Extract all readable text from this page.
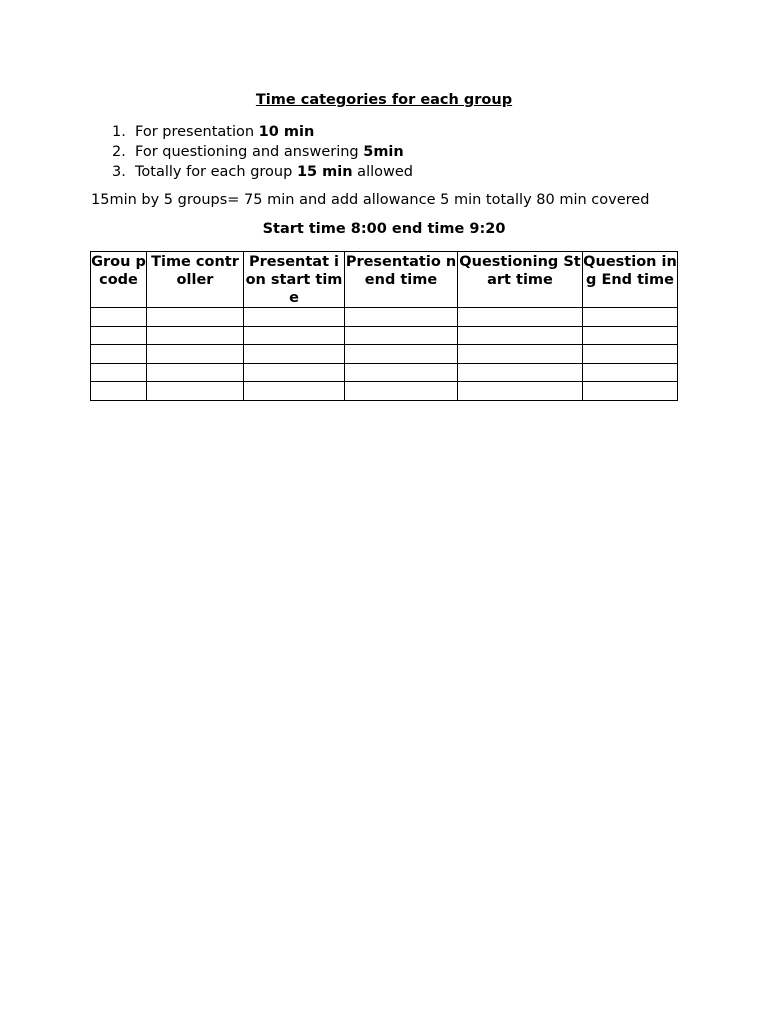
Time categories for each group
1. For presentation 10 min
2. For questioning and answering 5min
3. Totally for each group 15 min allowed
15min by 5 groups= 75 min and add allowance 5 min totally 80 min covered
Start time 8:00 end time 9:20
Grou p code	Time controller	Presentat ion start time	Presentatio n end time	Questioning Start time	Question ing End time
